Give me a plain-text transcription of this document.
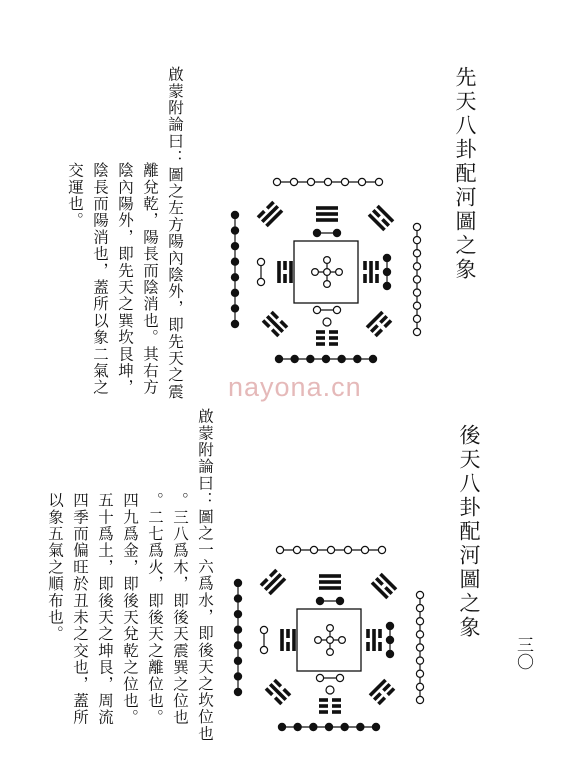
先天八卦配河圖之象
啟蒙附論曰：圖之左方陽內陰外，即先天之震
離兌乾，陽長而陰消也。其右方
陰內陽外，即先天之巽坎艮坤，
陰長而陽消也，蓋所以象二氣之
交運也。
後天八卦配河圖之象
啟蒙附論曰：圖之一六爲水，即後天之坎位也
。三八爲木，即後天震巽之位也
。二七爲火，即後天之離位也。
四九爲金，即後天兌乾之位也。
五十爲土，即後天之坤艮，周流
四季而偏旺於丑未之交也，蓋所
以象五氣之順布也。
三〇
nayona.cn
